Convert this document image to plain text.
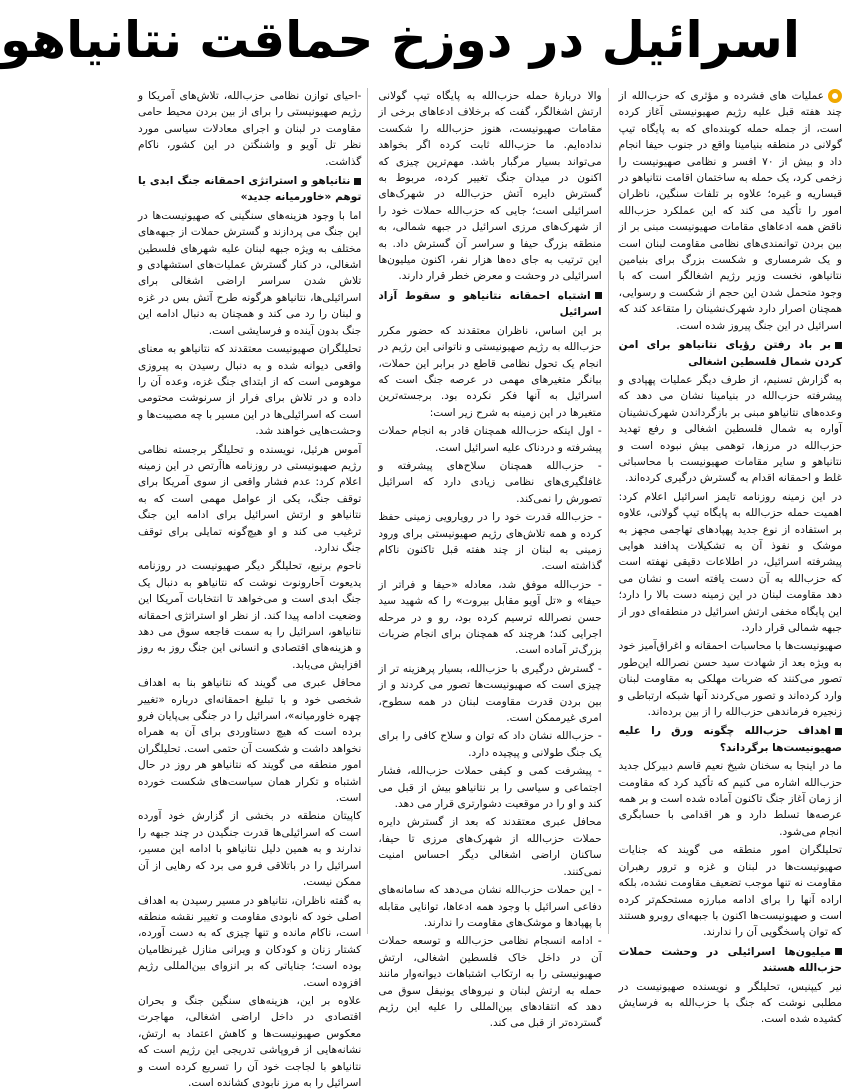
اسرائیل در دوزخ حماقت نتانیاهو

عملیات های فشرده و مؤثری که حزب‌الله از چند هفته قبل علیه رژیم صهیونیستی آغاز کرده است، از جمله حمله کوبنده‌ای که به پایگاه تیپ گولانی در منطقه بنیامینا واقع در جنوب حیفا انجام داد و بیش از ۷۰ افسر و نظامی صهیونیست را زخمی کرد، یک حمله به ساختمان اقامت نتانیاهو در قیساریه و غیره؛ علاوه بر تلفات سنگین، ناظران امور را تأکید می کند که این عملکرد حزب‌الله ناقض همه ادعاهای مقامات صهیونیست مبنی بر از بین بردن توانمندی‌های نظامی مقاومت لبنان است و یک شرمساری و شکست بزرگ برای بنیامین نتانیاهو، نخست وزیر رژیم اشغالگر است که با وجود متحمل شدن این حجم از شکست و رسوایی، همچنان اصرار دارد شهرک‌نشینان را متقاعد کند که اسرائیل در این جنگ پیروز شده است.

بر باد رفتن رؤیای نتانیاهو برای امن کردن شمال فلسطین اشغالی

به گزارش تسنیم، از طرف دیگر عملیات پهپادی و پیشرفته حزب‌الله در بنیامینا نشان می دهد که وعده‌های نتانیاهو مبنی بر بازگرداندن شهرک‌نشینان آواره به شمال فلسطین اشغالی و رفع تهدید حزب‌الله در مرزها، توهمی بیش نبوده است و نتانیاهو و سایر مقامات صهیونیست با محاسباتی غلط و احمقانه اقدام به گسترش درگیری کرده‌اند.

در این زمینه روزنامه تایمز اسرائیل اعلام کرد: اهمیت حمله حزب‌الله به پایگاه تیپ گولانی، علاوه بر استفاده از نوع جدید پهپادهای تهاجمی مجهز به موشک و نفوذ آن به تشکیلات پدافند هوایی پیشرفته اسرائیل، در اطلاعات دقیقی نهفته است که حزب‌الله به آن دست یافته است و نشان می دهد مقاومت لبنان در این زمینه دست بالا را دارد؛ این پایگاه مخفی ارتش اسرائیل در منطقه‌ای دور از جبهه شمالی قرار دارد.

صهیونیست‌ها با محاسبات احمقانه و اغراق‌آمیز خود به ویژه بعد از شهادت سید حسن نصرالله این‌طور تصور می‌کنند که ضربات مهلکی به مقاومت لبنان وارد کرده‌اند و تصور می‌کردند آنها شبکه ارتباطی و زنجیره فرماندهی حزب‌الله را از بین برده‌اند.

اهداف حزب‌الله چگونه ورق را علیه صهیونیست‌ها برگرداند؟

ما در اینجا به سخنان شیخ نعیم قاسم دبیرکل جدید حزب‌الله اشاره می کنیم که تأکید کرد که مقاومت از زمان آغاز جنگ تاکنون آماده شده است و بر همه عرصه‌ها تسلط دارد و هر اقدامی با حسابگری انجام می‌شود.

تحلیلگران امور منطقه می گویند که جنایات صهیونیست‌ها در لبنان و غزه و ترور رهبران مقاومت نه تنها موجب تضعیف مقاومت نشده، بلکه اراده آنها را برای ادامه مبارزه مستحکم‌تر کرده است و صهیونیست‌ها اکنون با جبهه‌ای روبرو هستند که توان پاسخگویی آن را ندارند.

میلیون‌ها اسرائیلی در وحشت حملات حزب‌الله هستند

نیر کیپنیس، تحلیلگر و نویسنده صهیونیست در مطلبی نوشت که جنگ با حزب‌الله به فرسایش کشیده شده است.

والا دربارهٔ حمله حزب‌الله به پایگاه تیپ گولانی ارتش اشغالگر، گفت که برخلاف ادعاهای برخی از مقامات صهیونیست، هنوز حزب‌الله را شکست نداده‌ایم. ما حزب‌الله ثابت کرده اگر بخواهد می‌تواند بسیار مرگبار باشد. مهم‌ترین چیزی که اکنون در میدان جنگ تغییر کرده، مربوط به گسترش دایره آتش حزب‌الله در شهرک‌های اسرائیلی است؛ جایی که حزب‌الله حملات خود را از شهرک‌های مرزی اسرائیل در جبهه شمالی، به منطقه بزرگ حیفا و سراسر آن گسترش داد. به این ترتیب به جای ده‌ها هزار نفر، اکنون میلیون‌ها اسرائیلی در وحشت و معرض خطر قرار دارند.

اشتباه احمقانه نتانیاهو و سقوط آزاد اسرائیل

بر این اساس، ناظران معتقدند که حضور مکرر حزب‌الله به رژیم صهیونیستی و ناتوانی این رژیم در انجام یک تحول نظامی قاطع در برابر این حملات، بیانگر متغیرهای مهمی در عرصه جنگ است که اسرائیل به آنها فکر نکرده بود. برجسته‌ترین متغیرها در این زمینه به شرح زیر است:

- اول اینکه حزب‌الله همچنان قادر به انجام حملات پیشرفته و دردناک علیه اسرائیل است.

- حزب‌الله همچنان سلاح‌های پیشرفته و غافلگیری‌های نظامی زیادی دارد که اسرائیل تصورش را نمی‌کند.

- حزب‌الله قدرت خود را در رویارویی زمینی حفظ کرده و همه تلاش‌های رژیم صهیونیستی برای ورود زمینی به لبنان از چند هفته قبل تاکنون ناکام گذاشته است.

- حزب‌الله موفق شد، معادله «حیفا و فراتر از حیفا» و «تل آویو مقابل بیروت» را که شهید سید حسن نصرالله ترسیم کرده بود، رو و در مرحله اجرایی کند؛ هرچند که همچنان برای انجام ضربات بزرگ‌تر آماده است.

- گسترش درگیری با حزب‌الله، بسیار پرهزینه تر از چیزی است که صهیونیست‌ها تصور می کردند و از بین بردن قدرت مقاومت لبنان در همه سطوح، امری غیرممکن است.

- حزب‌الله نشان داد که توان و سلاح کافی را برای یک جنگ طولانی و پیچیده دارد.

- پیشرفت کمی و کیفی حملات حزب‌الله، فشار اجتماعی و سیاسی را بر نتانیاهو بیش از قبل می کند و او را در موقعیت دشوارتری قرار می دهد.

محافل عبری معتقدند که بعد از گسترش دایره حملات حزب‌الله از شهرک‌های مرزی تا حیفا، ساکنان اراضی اشغالی دیگر احساس امنیت نمی‌کنند.

- این حملات حزب‌الله نشان می‌دهد که سامانه‌های دفاعی اسرائیل با وجود همه ادعاها، توانایی مقابله با پهپادها و موشک‌های مقاومت را ندارند.

- ادامه انسجام نظامی حزب‌الله و توسعه حملات آن در داخل خاک فلسطین اشغالی، ارتش صهیونیستی را به ارتکاب اشتباهات دیوانه‌وار مانند حمله به ارتش لبنان و نیروهای یونیفل سوق می دهد که انتقادهای بین‌المللی را علیه این رژیم گسترده‌تر از قبل می کند.

-احیای توازن نظامی حزب‌الله، تلاش‌های آمریکا و رژیم صهیونیستی را برای از بین بردن محیط حامی مقاومت در لبنان و اجرای معادلات سیاسی مورد نظر تل آویو و واشنگتن در این کشور، ناکام گذاشت.

نتانیاهو و استراتژی احمقانه جنگ ابدی یا توهم «خاورمیانه جدید»

اما با وجود هزینه‌های سنگینی که صهیونیست‌ها در این جنگ می پردازند و گسترش حملات از جبهه‌های مختلف به ویژه جبهه لبنان علیه شهرهای فلسطین اشغالی، در کنار گسترش عملیات‌های استشهادی و تلاش شدن سراسر اراضی اشغالی برای اسرائیلی‌ها، نتانیاهو هرگونه طرح آتش بس در غزه و لبنان را رد می کند و همچنان به دنبال ادامه این جنگ بدون آینده و فرسایشی است.

تحلیلگران صهیونیست معتقدند که نتانیاهو به معنای واقعی دیوانه شده و به دنبال رسیدن به پیروزی موهومی است که از ابتدای جنگ غزه، وعده آن را داده و در تلاش برای فرار از سرنوشت محتومی است که اسرائیلی‌ها در این مسیر با چه مصیبت‌ها و وحشت‌هایی خواهند شد.

آموس هرئیل، نویسنده و تحلیلگر برجسته نظامی رژیم صهیونیستی در روزنامه هاآرتص در این زمینه اعلام کرد: عدم فشار واقعی از سوی آمریکا برای توقف جنگ، یکی از عوامل مهمی است که به نتانیاهو و ارتش اسرائیل برای ادامه این جنگ ترغیب می کند و او هیچ‌گونه تمایلی برای توقف جنگ ندارد.

ناحوم برنیع، تحلیلگر دیگر صهیونیست در روزنامه یدیعوت آحارونوت نوشت که نتانیاهو به دنبال یک جنگ ابدی است و می‌خواهد تا انتخابات آمریکا این وضعیت ادامه پیدا کند. از نظر او استراتژی احمقانه نتانیاهو، اسرائیل را به سمت فاجعه سوق می دهد و هزینه‌های اقتصادی و انسانی این جنگ روز به روز افزایش می‌یابد.

محافل عبری می گویند که نتانیاهو بنا به اهداف شخصی خود و با تبلیغ احمقانه‌ای درباره «تغییر چهره خاورمیانه»، اسرائیل را در جنگی بی‌پایان فرو برده است که هیچ دستاوردی برای آن به همراه نخواهد داشت و شکست آن حتمی است. تحلیلگران امور منطقه می گویند که نتانیاهو هر روز در حال اشتباه و تکرار همان سیاست‌های شکست خورده است.

کاپیتان منطقه در بخشی از گزارش خود آورده است که اسرائیلی‌ها قدرت جنگیدن در چند جبهه را ندارند و به همین دلیل نتانیاهو با ادامه این مسیر، اسرائیل را در باتلاقی فرو می برد که رهایی از آن ممکن نیست.

به گفته ناظران، نتانیاهو در مسیر رسیدن به اهداف اصلی خود که نابودی مقاومت و تغییر نقشه منطقه است، ناکام مانده و تنها چیزی که به دست آورده، کشتار زنان و کودکان و ویرانی منازل غیرنظامیان بوده است؛ جنایاتی که بر انزوای بین‌المللی رژیم افزوده است.

علاوه بر این، هزینه‌های سنگین جنگ و بحران اقتصادی در داخل اراضی اشغالی، مهاجرت معکوس صهیونیست‌ها و کاهش اعتماد به ارتش، نشانه‌هایی از فروپاشی تدریجی این رژیم است که نتانیاهو با لجاجت خود آن را تسریع کرده است و اسرائیل را به مرز نابودی کشانده است.
